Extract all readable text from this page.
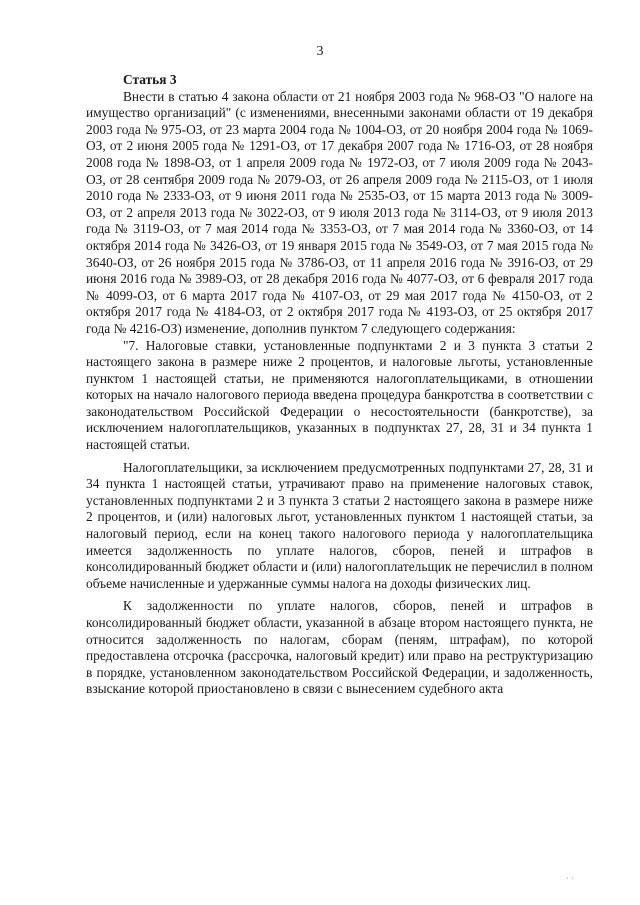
3
Статья 3

Внести в статью 4 закона области от 21 ноября 2003 года № 968-ОЗ "О налоге на имущество организаций" (с изменениями, внесенными законами области от 19 декабря 2003 года № 975-ОЗ, от 23 марта 2004 года № 1004-ОЗ, от 20 ноября 2004 года № 1069-ОЗ, от 2 июня 2005 года № 1291-ОЗ, от 17 декабря 2007 года № 1716-ОЗ, от 28 ноября 2008 года № 1898-ОЗ, от 1 апреля 2009 года № 1972-ОЗ, от 7 июля 2009 года № 2043-ОЗ, от 28 сентября 2009 года № 2079-ОЗ, от 26 апреля 2009 года № 2115-ОЗ, от 1 июля 2010 года № 2333-ОЗ, от 9 июня 2011 года № 2535-ОЗ, от 15 марта 2013 года № 3009-ОЗ, от 2 апреля 2013 года № 3022-ОЗ, от 9 июля 2013 года № 3114-ОЗ, от 9 июля 2013 года № 3119-ОЗ, от 7 мая 2014 года № 3353-ОЗ, от 7 мая 2014 года № 3360-ОЗ, от 14 октября 2014 года № 3426-ОЗ, от 19 января 2015 года № 3549-ОЗ, от 7 мая 2015 года № 3640-ОЗ, от 26 ноября 2015 года № 3786-ОЗ, от 11 апреля 2016 года № 3916-ОЗ, от 29 июня 2016 года № 3989-ОЗ, от 28 декабря 2016 года № 4077-ОЗ, от 6 февраля 2017 года № 4099-ОЗ, от 6 марта 2017 года № 4107-ОЗ, от 29 мая 2017 года № 4150-ОЗ, от 2 октября 2017 года № 4184-ОЗ, от 2 октября 2017 года № 4193-ОЗ, от 25 октября 2017 года № 4216-ОЗ) изменение, дополнив пунктом 7 следующего содержания:

"7. Налоговые ставки, установленные подпунктами 2 и 3 пункта 3 статьи 2 настоящего закона в размере ниже 2 процентов, и налоговые льготы, установленные пунктом 1 настоящей статьи, не применяются налогоплательщиками, в отношении которых на начало налогового периода введена процедура банкротства в соответствии с законодательством Российской Федерации о несостоятельности (банкротстве), за исключением налогоплательщиков, указанных в подпунктах 27, 28, 31 и 34 пункта 1 настоящей статьи.

Налогоплательщики, за исключением предусмотренных подпунктами 27, 28, 31 и 34 пункта 1 настоящей статьи, утрачивают право на применение налоговых ставок, установленных подпунктами 2 и 3 пункта 3 статьи 2 настоящего закона в размере ниже 2 процентов, и (или) налоговых льгот, установленных пунктом 1 настоящей статьи, за налоговый период, если на конец такого налогового периода у налогоплательщика имеется задолженность по уплате налогов, сборов, пеней и штрафов в консолидированный бюджет области и (или) налогоплательщик не перечислил в полном объеме начисленные и удержанные суммы налога на доходы физических лиц.

К задолженности по уплате налогов, сборов, пеней и штрафов в консолидированный бюджет области, указанной в абзаце втором настоящего пункта, не относится задолженность по налогам, сборам (пеням, штрафам), по которой предоставлена отсрочка (рассрочка, налоговый кредит) или право на реструктуризацию в порядке, установленном законодательством Российской Федерации, и задолженность, взыскание которой приостановлено в связи с вынесением судебного акта

˙ ˙
